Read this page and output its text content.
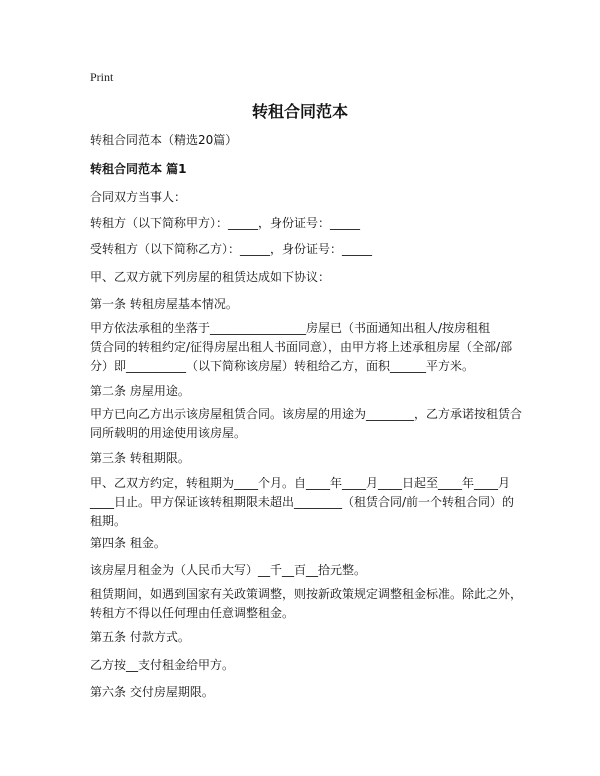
Print
转租合同范本
转租合同范本（精选20篇）
转租合同范本 篇1
合同双方当事人：
转租方（以下简称甲方）：_____，身份证号：_____
受转租方（以下简称乙方）：_____，身份证号：_____
甲、乙双方就下列房屋的租赁达成如下协议：
第一条 转租房屋基本情况。
甲方依法承租的坐落于________________房屋已（书面通知出租人/按房租租
赁合同的转租约定/征得房屋出租人书面同意），由甲方将上述承租房屋（全部/部
分）即__________（以下简称该房屋）转租给乙方，面积______平方米。
第二条 房屋用途。
甲方已向乙方出示该房屋租赁合同。该房屋的用途为________，乙方承诺按租赁合
同所载明的用途使用该房屋。
第三条 转租期限。
甲、乙双方约定，转租期为____个月。自____年____月____日起至____年____月
____日止。甲方保证该转租期限未超出________（租赁合同/前一个转租合同）的
租期。
第四条 租金。
该房屋月租金为（人民币大写）__千__百__拾元整。
租赁期间，如遇到国家有关政策调整，则按新政策规定调整租金标准。除此之外，
转租方不得以任何理由任意调整租金。
第五条 付款方式。
乙方按__支付租金给甲方。
第六条 交付房屋期限。
